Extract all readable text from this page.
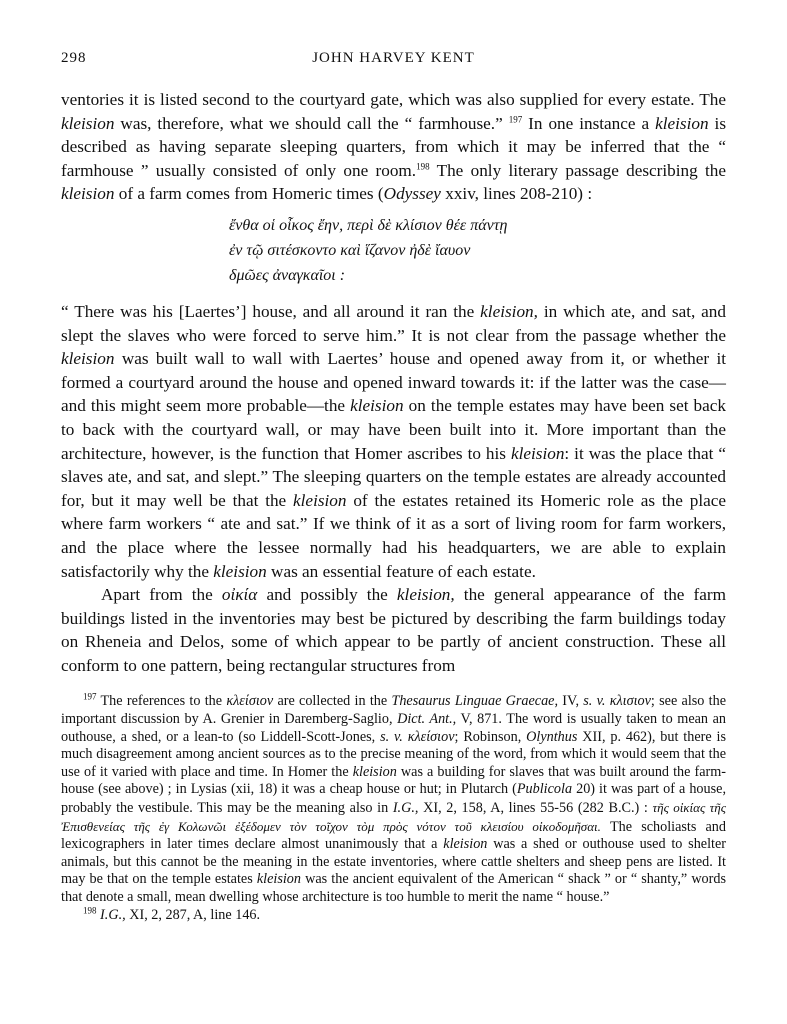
298	JOHN HARVEY KENT

ventories it is listed second to the courtyard gate, which was also supplied for every estate. The kleision was, therefore, what we should call the “ farmhouse.” $^{197}$ In one instance a kleision is described as having separate sleeping quarters, from which it may be inferred that the “ farmhouse ” usually consisted of only one room.$^{198}$ The only literary passage describing the kleision of a farm comes from Homeric times (Odyssey xxiv, lines 208-210) :

ἔνθα οἱ οἶκος ἔην, περὶ δὲ κλίσιον θέε πάντῃ
ἐν τῷ σιτέσκοντο καὶ ἵζανον ἠδὲ ἴαυον
δμῶες ἀναγκαῖοι :

“ There was his [Laertes’] house, and all around it ran the kleision, in which ate, and sat, and slept the slaves who were forced to serve him.” It is not clear from the passage whether the kleision was built wall to wall with Laertes’ house and opened away from it, or whether it formed a courtyard around the house and opened inward towards it: if the latter was the case—and this might seem more probable—the kleision on the temple estates may have been set back to back with the courtyard wall, or may have been built into it. More important than the architecture, however, is the function that Homer ascribes to his kleision: it was the place that “ slaves ate, and sat, and slept.” The sleeping quarters on the temple estates are already accounted for, but it may well be that the kleision of the estates retained its Homeric role as the place where farm workers “ ate and sat.” If we think of it as a sort of living room for farm workers, and the place where the lessee normally had his headquarters, we are able to explain satisfactorily why the kleision was an essential feature of each estate.

Apart from the οἰκία and possibly the kleision, the general appearance of the farm buildings listed in the inventories may best be pictured by describing the farm buildings today on Rheneia and Delos, some of which appear to be partly of ancient construction. These all conform to one pattern, being rectangular structures from

$^{197}$ The references to the κλείσιον are collected in the Thesaurus Linguae Graecae, IV, s. v. κλισιον; see also the important discussion by A. Grenier in Daremberg-Saglio, Dict. Ant., V, 871. The word is usually taken to mean an outhouse, a shed, or a lean-to (so Liddell-Scott-Jones, s. v. κλείσιον; Robinson, Olynthus XII, p. 462), but there is much disagreement among ancient sources as to the precise meaning of the word, from which it would seem that the use of it varied with place and time. In Homer the kleision was a building for slaves that was built around the farm-house (see above) ; in Lysias (xii, 18) it was a cheap house or hut; in Plutarch (Publicola 20) it was part of a house, probably the vestibule. This may be the meaning also in I.G., XI, 2, 158, A, lines 55-56 (282 B.C.) : τῆς οἰκίας τῆς Ἐπισθενείας τῆς ἐγ Κολωνῶι ἐξέδομεν τὸν τοῖχον τὸμ πρὸς νότον τοῦ κλεισίου οἰκοδομῆσαι. The scholiasts and lexicographers in later times declare almost unanimously that a kleision was a shed or outhouse used to shelter animals, but this cannot be the meaning in the estate inventories, where cattle shelters and sheep pens are listed. It may be that on the temple estates kleision was the ancient equivalent of the American “ shack ” or “ shanty,” words that denote a small, mean dwelling whose architecture is too humble to merit the name “ house.”

$^{198}$ I.G., XI, 2, 287, A, line 146.
